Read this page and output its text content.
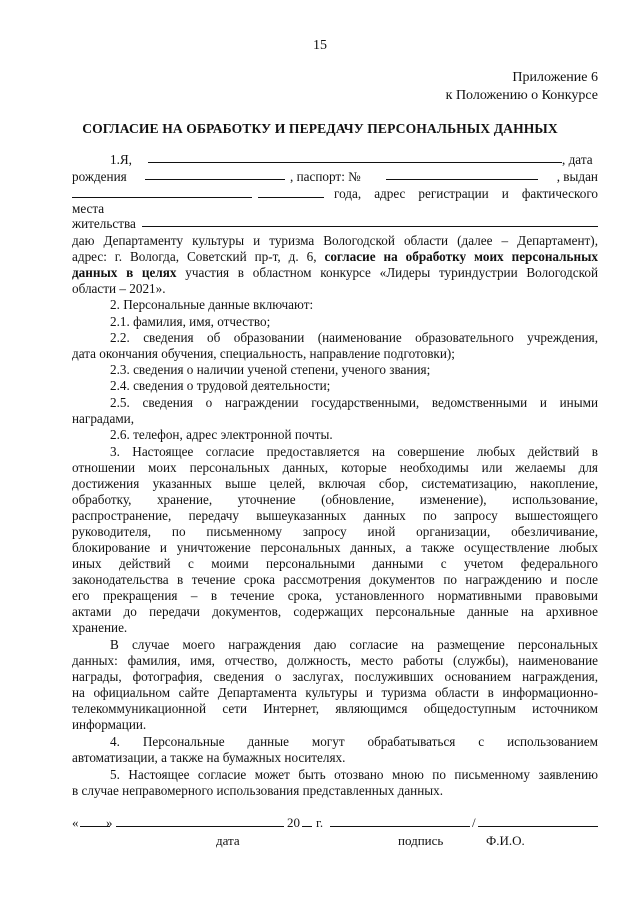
15
Приложение 6
к Положению о Конкурсе
СОГЛАСИЕ НА ОБРАБОТКУ И ПЕРЕДАЧУ ПЕРСОНАЛЬНЫХ ДАННЫХ
1.Я,	, дата
рождения	, паспорт: №	, выдан
года, адрес регистрации и фактического
места
жительства
даю Департаменту культуры и туризма Вологодской области (далее – Департамент),
адрес: г. Вологда, Советский пр-т, д. 6, согласие на обработку моих персональных
данных в целях участия в областном конкурсе «Лидеры туриндустрии Вологодской
области – 2021».
2. Персональные данные включают:
2.1. фамилия, имя, отчество;
2.2. сведения об образовании (наименование образовательного учреждения,
дата окончания обучения, специальность, направление подготовки);
2.3. сведения о наличии ученой степени, ученого звания;
2.4. сведения о трудовой деятельности;
2.5. сведения о награждении государственными, ведомственными и иными
наградами,
2.6. телефон, адрес электронной почты.
3. Настоящее согласие предоставляется на совершение любых действий в
отношении моих персональных данных, которые необходимы или желаемы для
достижения указанных выше целей, включая сбор, систематизацию, накопление,
обработку, хранение, уточнение (обновление, изменение), использование,
распространение, передачу вышеуказанных данных по запросу вышестоящего
руководителя, по письменному запросу иной организации, обезличивание,
блокирование и уничтожение персональных данных, а также осуществление любых
иных действий с моими персональными данными с учетом федерального
законодательства в течение срока рассмотрения документов по награждению и после
его прекращения – в течение срока, установленного нормативными правовыми
актами до передачи документов, содержащих персональные данные на архивное
хранение.
В случае моего награждения даю согласие на размещение персональных
данных: фамилия, имя, отчество, должность, место работы (службы), наименование
награды, фотография, сведения о заслугах, послуживших основанием награждения,
на официальном сайте Департамента культуры и туризма области в информационно-
телекоммуникационной сети Интернет, являющимся общедоступным источником
информации.
4. Персональные данные могут обрабатываться с использованием
автоматизации, а также на бумажных носителях.
5. Настоящее согласие может быть отозвано мною по письменному заявлению
в случае неправомерного использования представленных данных.
« »	20 г.	/
дата	подпись	Ф.И.О.
